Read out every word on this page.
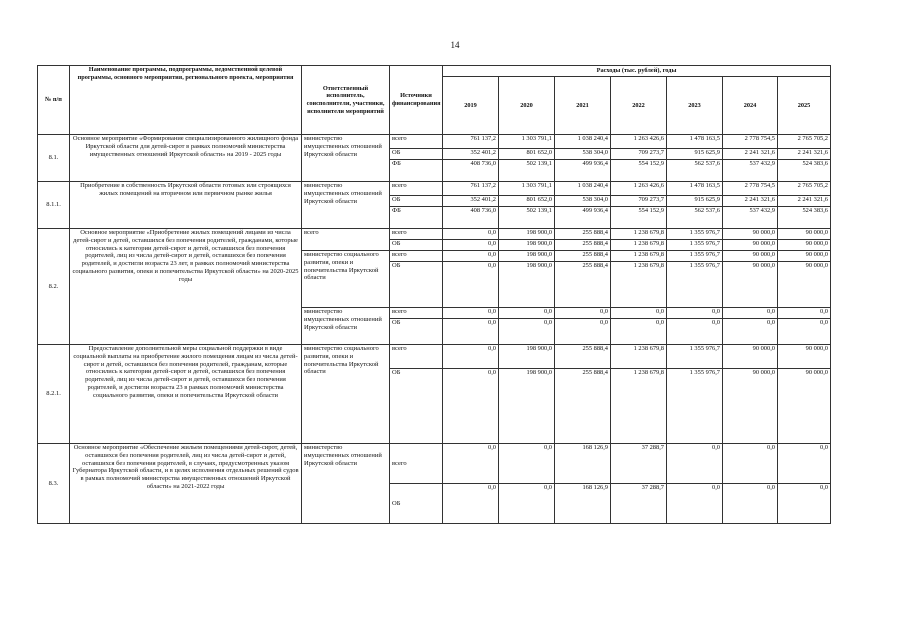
14
№ п/п	Наименование программы, подпрограммы, ведомственной целевой программы, основного мероприятия, регионального проекта, мероприятия	Ответственный исполнитель, соисполнители, участники, исполнители мероприятий	Источники финансирования	Расходы (тыс. рублей), годы						
				2019	2020	2021	2022	2023	2024	2025
8.1.	Основное мероприятие «Формирование специализированного жилищного фонда Иркутской области для детей-сирот в рамках полномочий министерства имущественных отношений Иркутской области» на 2019 - 2025 годы	министерство имущественных отношений Иркутской области	всего	761 137,2	1 303 791,1	1 038 240,4	1 263 426,6	1 478 163,5	2 778 754,5	2 765 705,2
			ОБ	352 401,2	801 652,0	538 304,0	709 273,7	915 625,9	2 241 321,6	2 241 321,6
			ФБ	408 736,0	502 139,1	499 936,4	554 152,9	562 537,6	537 432,9	524 383,6
8.1.1.	Приобретение в собственность Иркутской области готовых или строящихся жилых помещений на вторичном или первичном рынке жилья	министерство имущественных отношений Иркутской области	всего	761 137,2	1 303 791,1	1 038 240,4	1 263 426,6	1 478 163,5	2 778 754,5	2 765 705,2
			ОБ	352 401,2	801 652,0	538 304,0	709 273,7	915 625,9	2 241 321,6	2 241 321,6
			ФБ	408 736,0	502 139,1	499 936,4	554 152,9	562 537,6	537 432,9	524 383,6
8.2.	Основное мероприятие «Приобретение жилых помещений лицами из числа детей-сирот и детей, оставшихся без попечения родителей, гражданами, которые относились к категории детей-сирот и детей, оставшихся без попечения родителей, лиц из числа детей-сирот и детей, оставшихся без попечения родителей, и достигли возраста 23 лет, в рамках полномочий министерства социального развития, опеки и попечительства Иркутской области» на 2020-2025 годы	всего	всего	0,0	198 900,0	255 888,4	1 238 679,8	1 355 976,7	90 000,0	90 000,0
			ОБ	0,0	198 900,0	255 888,4	1 238 679,8	1 355 976,7	90 000,0	90 000,0
		министерство социального развития, опеки и попечительства Иркутской области	всего	0,0	198 900,0	255 888,4	1 238 679,8	1 355 976,7	90 000,0	90 000,0
			ОБ	0,0	198 900,0	255 888,4	1 238 679,8	1 355 976,7	90 000,0	90 000,0
		министерство имущественных отношений Иркутской области	всего	0,0	0,0	0,0	0,0	0,0	0,0	0,0
			ОБ	0,0	0,0	0,0	0,0	0,0	0,0	0,0
8.2.1.	Предоставление дополнительной меры социальной поддержки в виде социальной выплаты на приобретение жилого помещения лицам из числа детей-сирот и детей, оставшихся без попечения родителей, гражданам, которые относились к категории детей-сирот и детей, оставшихся без попечения родителей, лиц из числа детей-сирот и детей, оставшихся без попечения родителей, и достигли возраста 23 в рамках полномочий министерства социального развития, опеки и попечительства Иркутской области	министерство социального развития, опеки и попечительства Иркутской области	всего	0,0	198 900,0	255 888,4	1 238 679,8	1 355 976,7	90 000,0	90 000,0
			ОБ	0,0	198 900,0	255 888,4	1 238 679,8	1 355 976,7	90 000,0	90 000,0
8.3.	Основное мероприятие «Обеспечение жильем помещениями детей-сирот, детей, оставшихся без попечения родителей, лиц из числа детей-сирот и детей, оставшихся без попечения родителей, в случаях, предусмотренных указом Губернатора Иркутской области, и в целях исполнения отдельных решений судов в рамках полномочий министерства имущественных отношений Иркутской области» на 2021-2022 годы	министерство имущественных отношений Иркутской области	всего	0,0	0,0	168 126,9	37 288,7	0,0	0,0	0,0
			ОБ	0,0	0,0	168 126,9	37 288,7	0,0	0,0	0,0
